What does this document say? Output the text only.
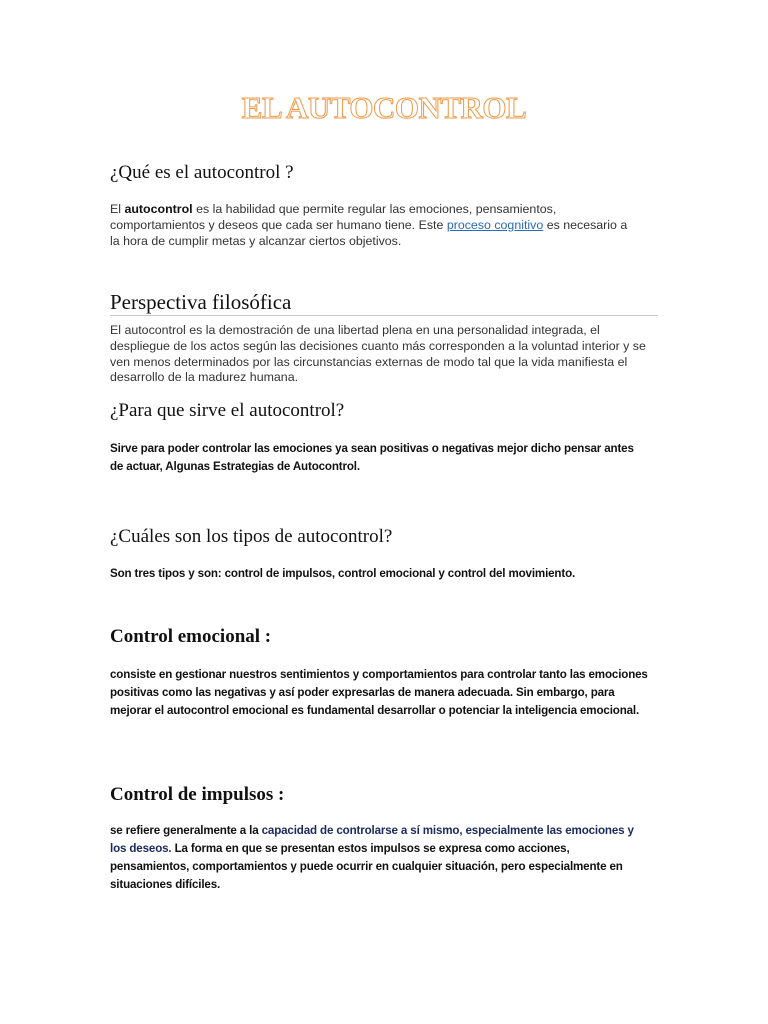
EL AUTOCONTROL
¿Qué es el autocontrol ?

El autocontrol es la habilidad que permite regular las emociones, pensamientos, comportamientos y deseos que cada ser humano tiene. Este proceso cognitivo es necesario a la hora de cumplir metas y alcanzar ciertos objetivos.

Perspectiva filosófica

El autocontrol es la demostración de una libertad plena en una personalidad integrada, el despliegue de los actos según las decisiones cuanto más corresponden a la voluntad interior y se ven menos determinados por las circunstancias externas de modo tal que la vida manifiesta el desarrollo de la madurez humana.

¿Para que sirve el autocontrol?

Sirve para poder controlar las emociones ya sean positivas o negativas mejor dicho pensar antes de actuar, Algunas Estrategias de Autocontrol.

¿Cuáles son los tipos de autocontrol?

Son tres tipos y son: control de impulsos, control emocional y control del movimiento.

Control emocional :

consiste en gestionar nuestros sentimientos y comportamientos para controlar tanto las emociones positivas como las negativas y así poder expresarlas de manera adecuada. Sin embargo, para mejorar el autocontrol emocional es fundamental desarrollar o potenciar la inteligencia emocional.

Control de impulsos :

se refiere generalmente a la capacidad de controlarse a sí mismo, especialmente las emociones y los deseos. La forma en que se presentan estos impulsos se expresa como acciones, pensamientos, comportamientos y puede ocurrir en cualquier situación, pero especialmente en situaciones difíciles.
